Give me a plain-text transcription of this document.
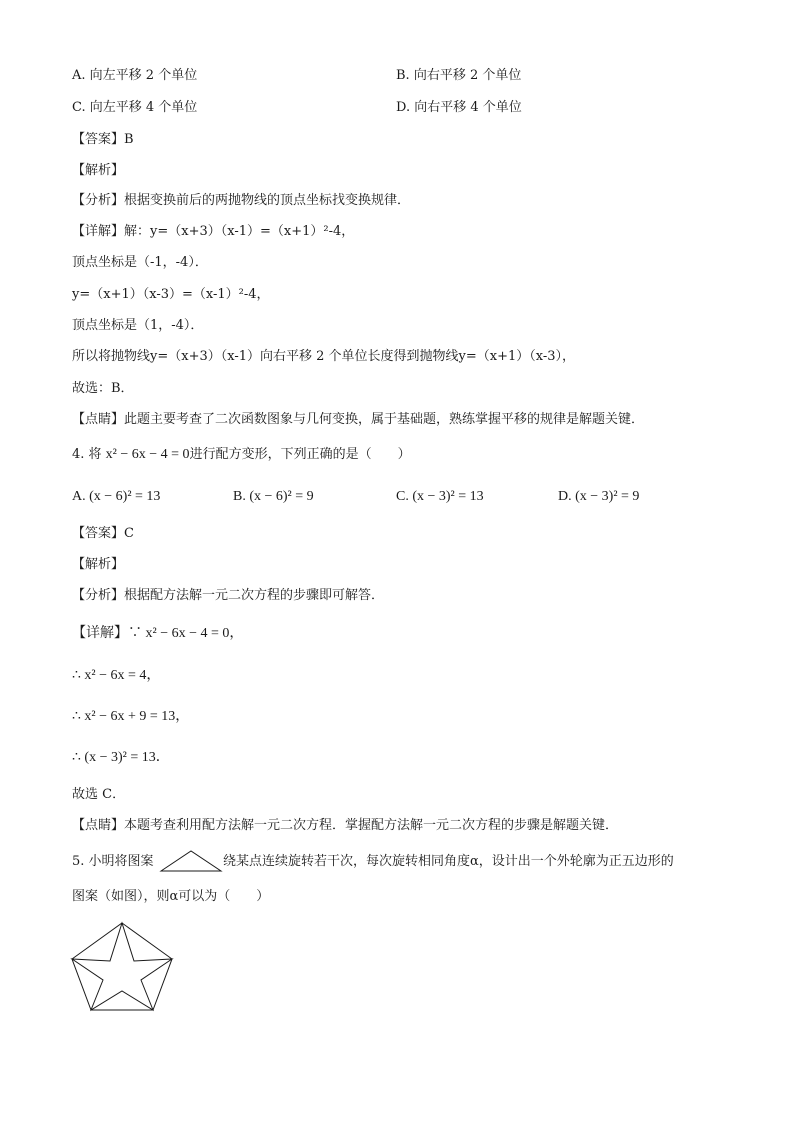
A. 向左平移 2 个单位	B. 向右平移 2 个单位
C. 向左平移 4 个单位	D. 向右平移 4 个单位
【答案】B
【解析】
【分析】根据变换前后的两抛物线的顶点坐标找变换规律．
【详解】解：y=（x+3）（x-1）=（x+1）²-4，
顶点坐标是（-1，-4）．
y=（x+1）（x-3）=（x-1）²-4，
顶点坐标是（1，-4）．
所以将抛物线y=（x+3）（x-1）向右平移 2 个单位长度得到抛物线y=（x+1）（x-3），
故选：B．
【点睛】此题主要考查了二次函数图象与几何变换，属于基础题，熟练掌握平移的规律是解题关键．
4. 将 x² − 6x − 4 = 0进行配方变形，下列正确的是（　　）
A. (x − 6)² = 13	B. (x − 6)² = 9	C. (x − 3)² = 13	D. (x − 3)² = 9
【答案】C
【解析】
【分析】根据配方法解一元二次方程的步骤即可解答．
【详解】∵ x² − 6x − 4 = 0，
∴ x² − 6x = 4，
∴ x² − 6x + 9 = 13，
∴ (x − 3)² = 13．
故选 C．
【点睛】本题考查利用配方法解一元二次方程．掌握配方法解一元二次方程的步骤是解题关键．
5. 小明将图案	绕某点连续旋转若干次，每次旋转相同角度α，设计出一个外轮廓为正五边形的
图案（如图），则α可以为（　　）
